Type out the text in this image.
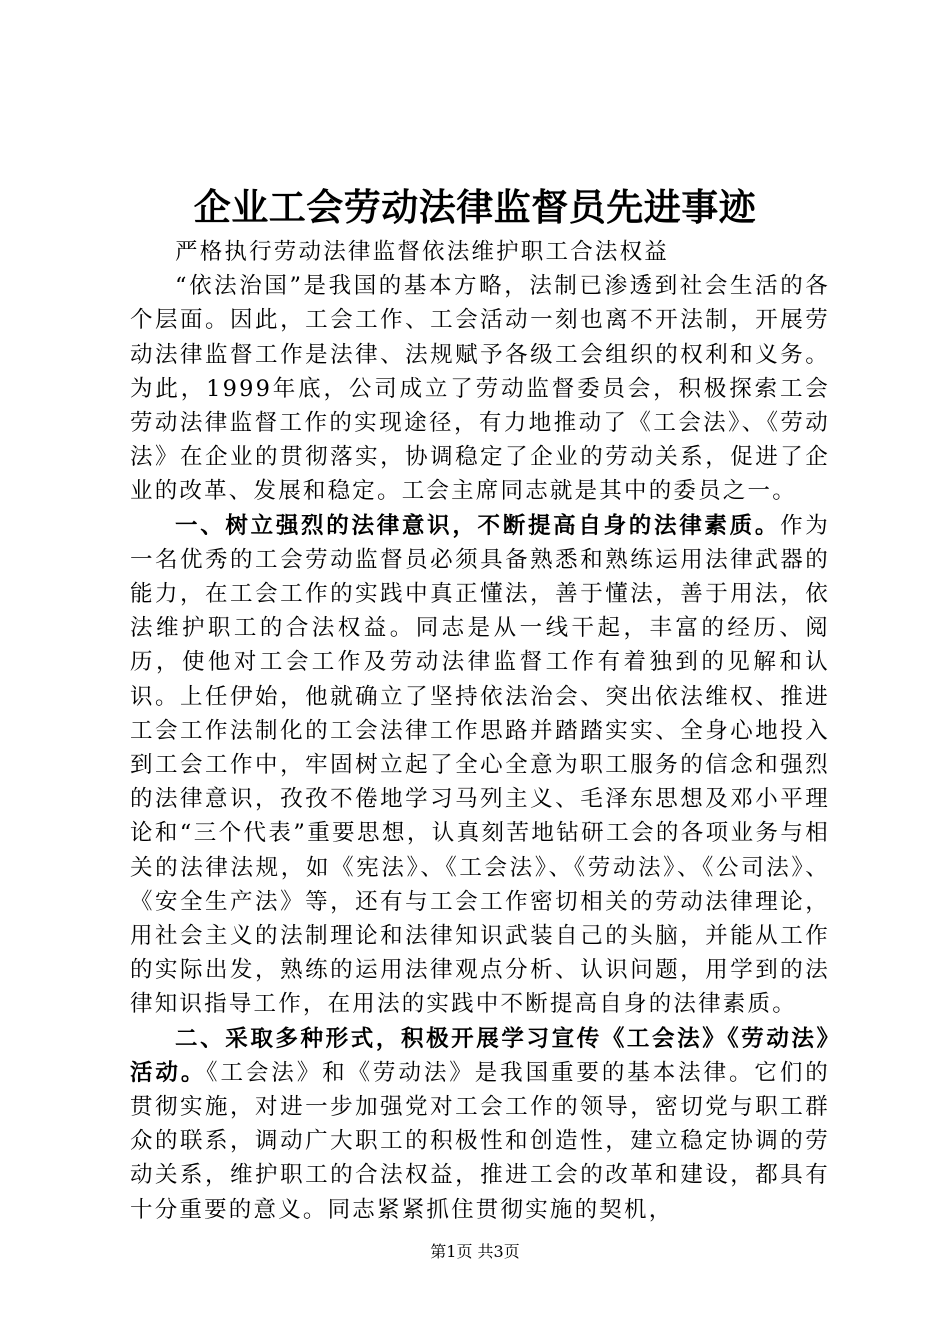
企业工会劳动法律监督员先进事迹

严格执行劳动法律监督依法维护职工合法权益

“依法治国”是我国的基本方略，法制已渗透到社会生活的各个层面。因此，工会工作、工会活动一刻也离不开法制，开展劳动法律监督工作是法律、法规赋予各级工会组织的权利和义务。为此，1999年底，公司成立了劳动监督委员会，积极探索工会劳动法律监督工作的实现途径，有力地推动了《工会法》、《劳动法》在企业的贯彻落实，协调稳定了企业的劳动关系，促进了企业的改革、发展和稳定。工会主席同志就是其中的委员之一。

一、树立强烈的法律意识，不断提高自身的法律素质。作为一名优秀的工会劳动监督员必须具备熟悉和熟练运用法律武器的能力，在工会工作的实践中真正懂法，善于懂法，善于用法，依法维护职工的合法权益。同志是从一线干起，丰富的经历、阅历，使他对工会工作及劳动法律监督工作有着独到的见解和认识。上任伊始，他就确立了坚持依法治会、突出依法维权、推进工会工作法制化的工会法律工作思路并踏踏实实、全身心地投入到工会工作中，牢固树立起了全心全意为职工服务的信念和强烈的法律意识，孜孜不倦地学习马列主义、毛泽东思想及邓小平理论和“三个代表”重要思想，认真刻苦地钻研工会的各项业务与相关的法律法规，如《宪法》、《工会法》、《劳动法》、《公司法》、《安全生产法》等，还有与工会工作密切相关的劳动法律理论，用社会主义的法制理论和法律知识武装自己的头脑，并能从工作的实际出发，熟练的运用法律观点分析、认识问题，用学到的法律知识指导工作，在用法的实践中不断提高自身的法律素质。

二、采取多种形式，积极开展学习宣传《工会法》《劳动法》活动。《工会法》和《劳动法》是我国重要的基本法律。它们的贯彻实施，对进一步加强党对工会工作的领导，密切党与职工群众的联系，调动广大职工的积极性和创造性，建立稳定协调的劳动关系，维护职工的合法权益，推进工会的改革和建设，都具有十分重要的意义。同志紧紧抓住贯彻实施的契机，

第1页 共3页
